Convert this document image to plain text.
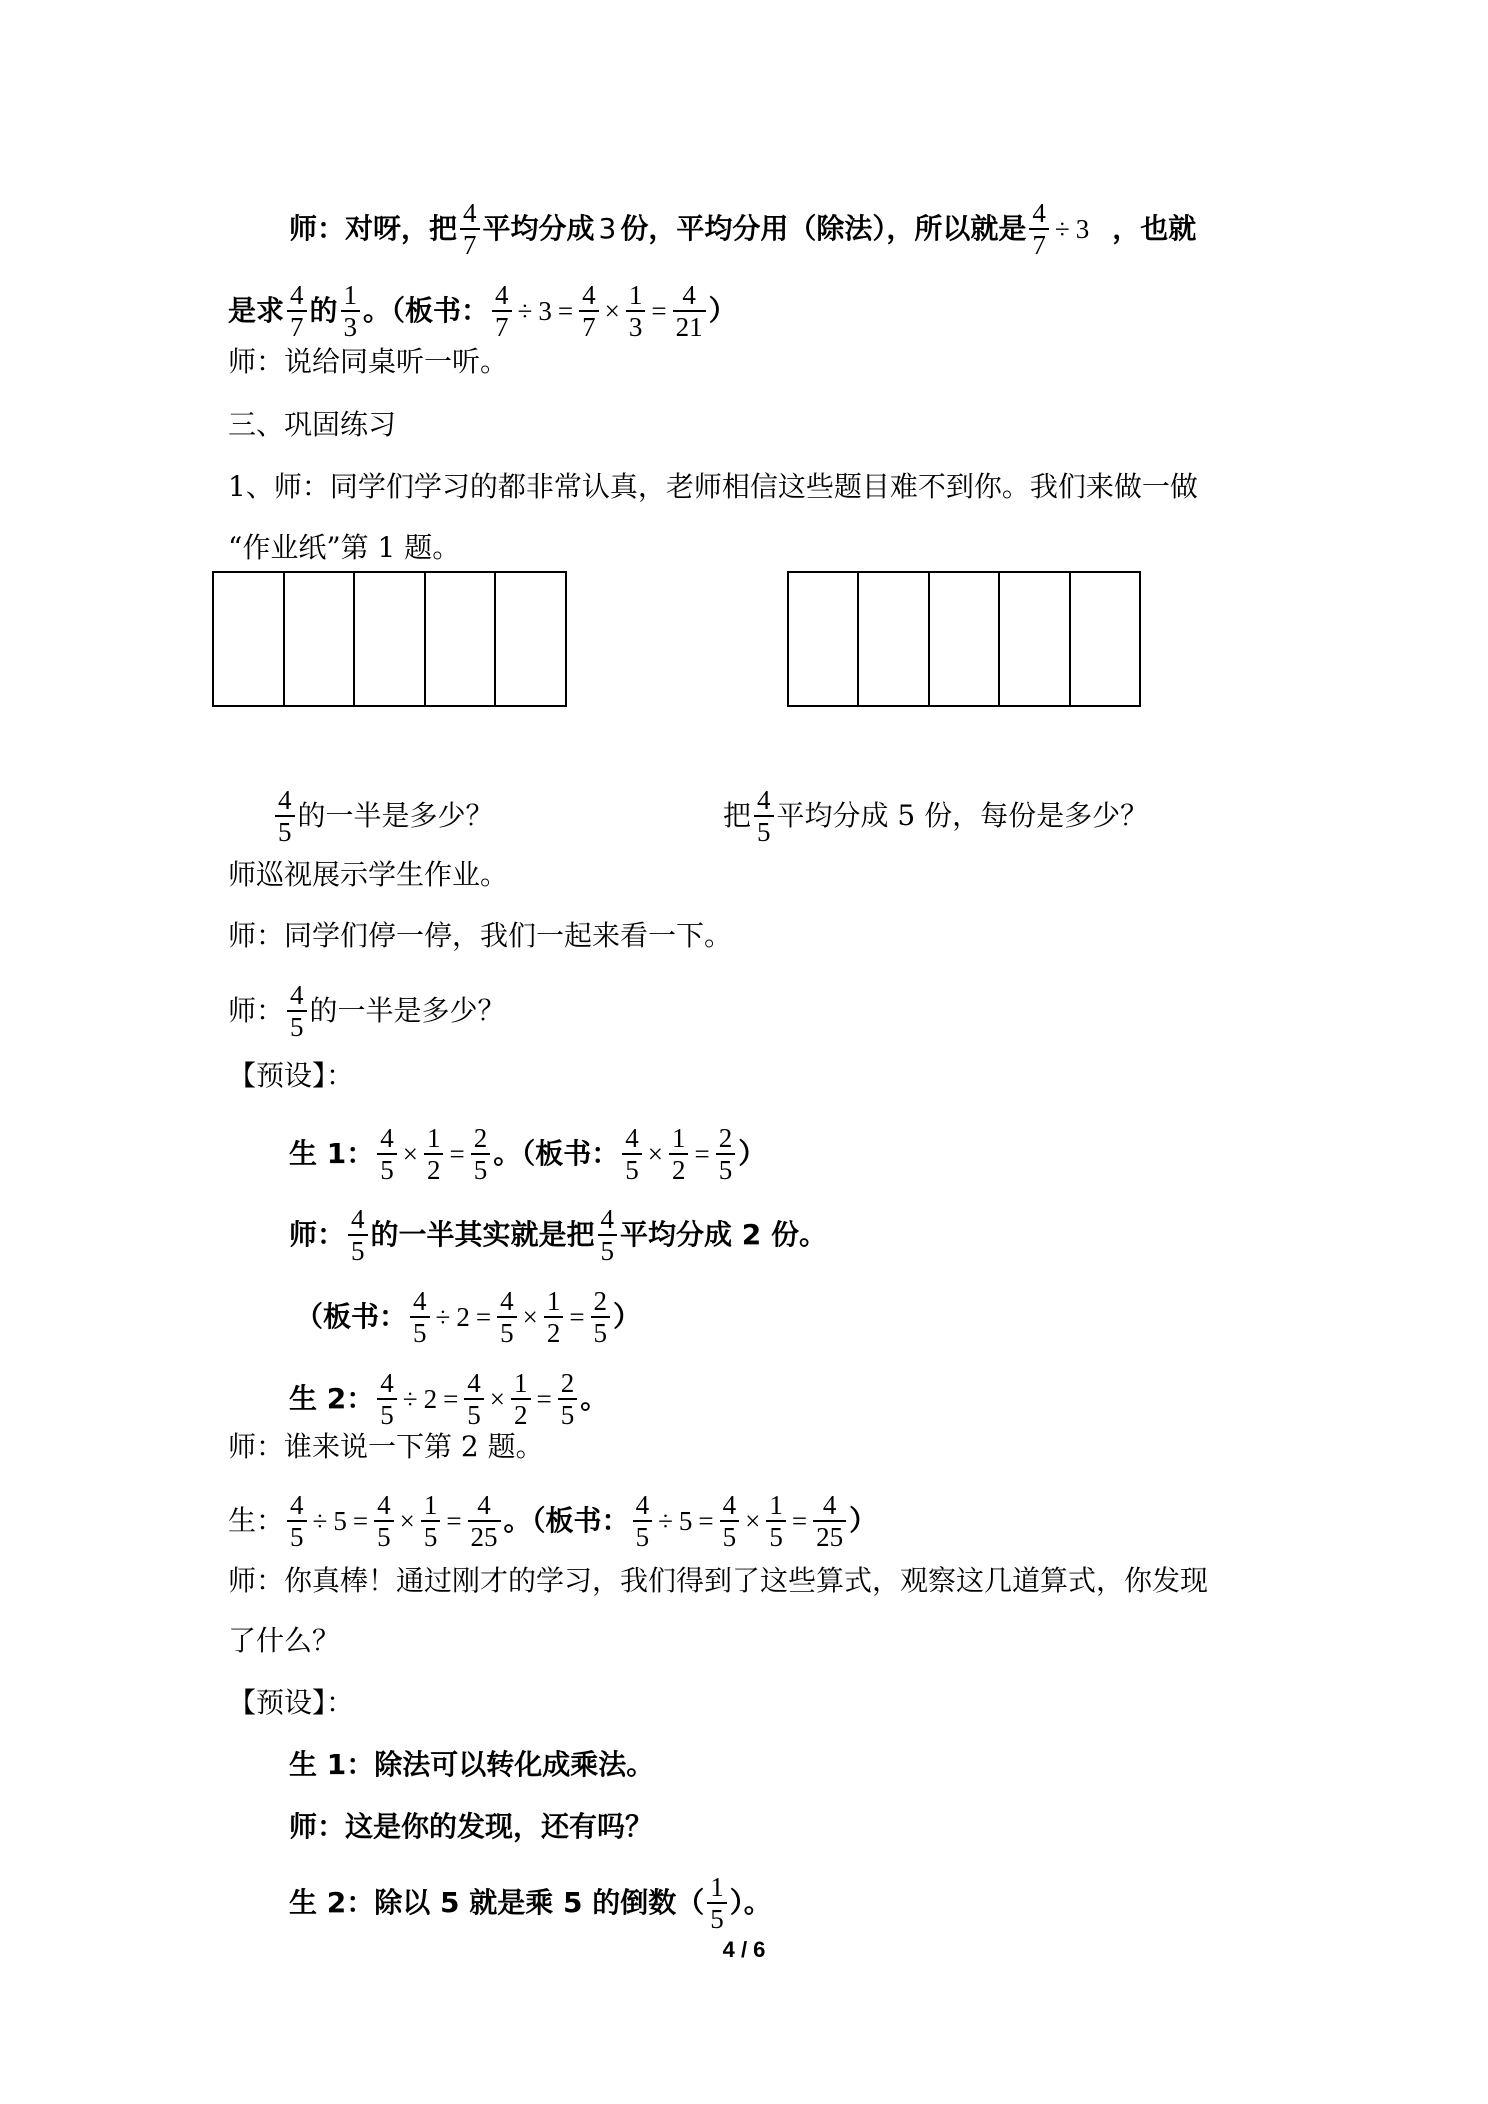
师：对呀，把 $\frac{4}{7}$ 平均分成 3 份，平均分用（除法），所以就是 $\frac{4}{7} \div 3$ ，也就
是求 $\frac{4}{7}$ 的 $\frac{1}{3}$ 。（板书： $\frac{4}{7} \div 3 = \frac{4}{7} \times \frac{1}{3} = \frac{4}{21}$ ）
师：说给同桌听一听。
三、巩固练习
1、师：同学们学习的都非常认真，老师相信这些题目难不到你。我们来做一做
“作业纸”第 1 题。
$\frac{4}{5}$ 的一半是多少？	把 $\frac{4}{5}$ 平均分成 5 份，每份是多少？
师巡视展示学生作业。
师：同学们停一停，我们一起来看一下。
师： $\frac{4}{5}$ 的一半是多少？
【预设】：
生 1： $\frac{4}{5} \times \frac{1}{2} = \frac{2}{5}$ 。（板书： $\frac{4}{5} \times \frac{1}{2} = \frac{2}{5}$ ）
师： $\frac{4}{5}$ 的一半其实就是把 $\frac{4}{5}$ 平均分成 2 份。
（板书： $\frac{4}{5} \div 2 = \frac{4}{5} \times \frac{1}{2} = \frac{2}{5}$ ）
生 2： $\frac{4}{5} \div 2 = \frac{4}{5} \times \frac{1}{2} = \frac{2}{5}$ 。
师：谁来说一下第 2 题。
生： $\frac{4}{5} \div 5 = \frac{4}{5} \times \frac{1}{5} = \frac{4}{25}$ 。（板书： $\frac{4}{5} \div 5 = \frac{4}{5} \times \frac{1}{5} = \frac{4}{25}$ ）
师：你真棒！通过刚才的学习，我们得到了这些算式，观察这几道算式，你发现
了什么？
【预设】：
生 1：除法可以转化成乘法。
师：这是你的发现，还有吗？
生 2：除以 5 就是乘 5 的倒数（ $\frac{1}{5}$ ）。
4 / 6
